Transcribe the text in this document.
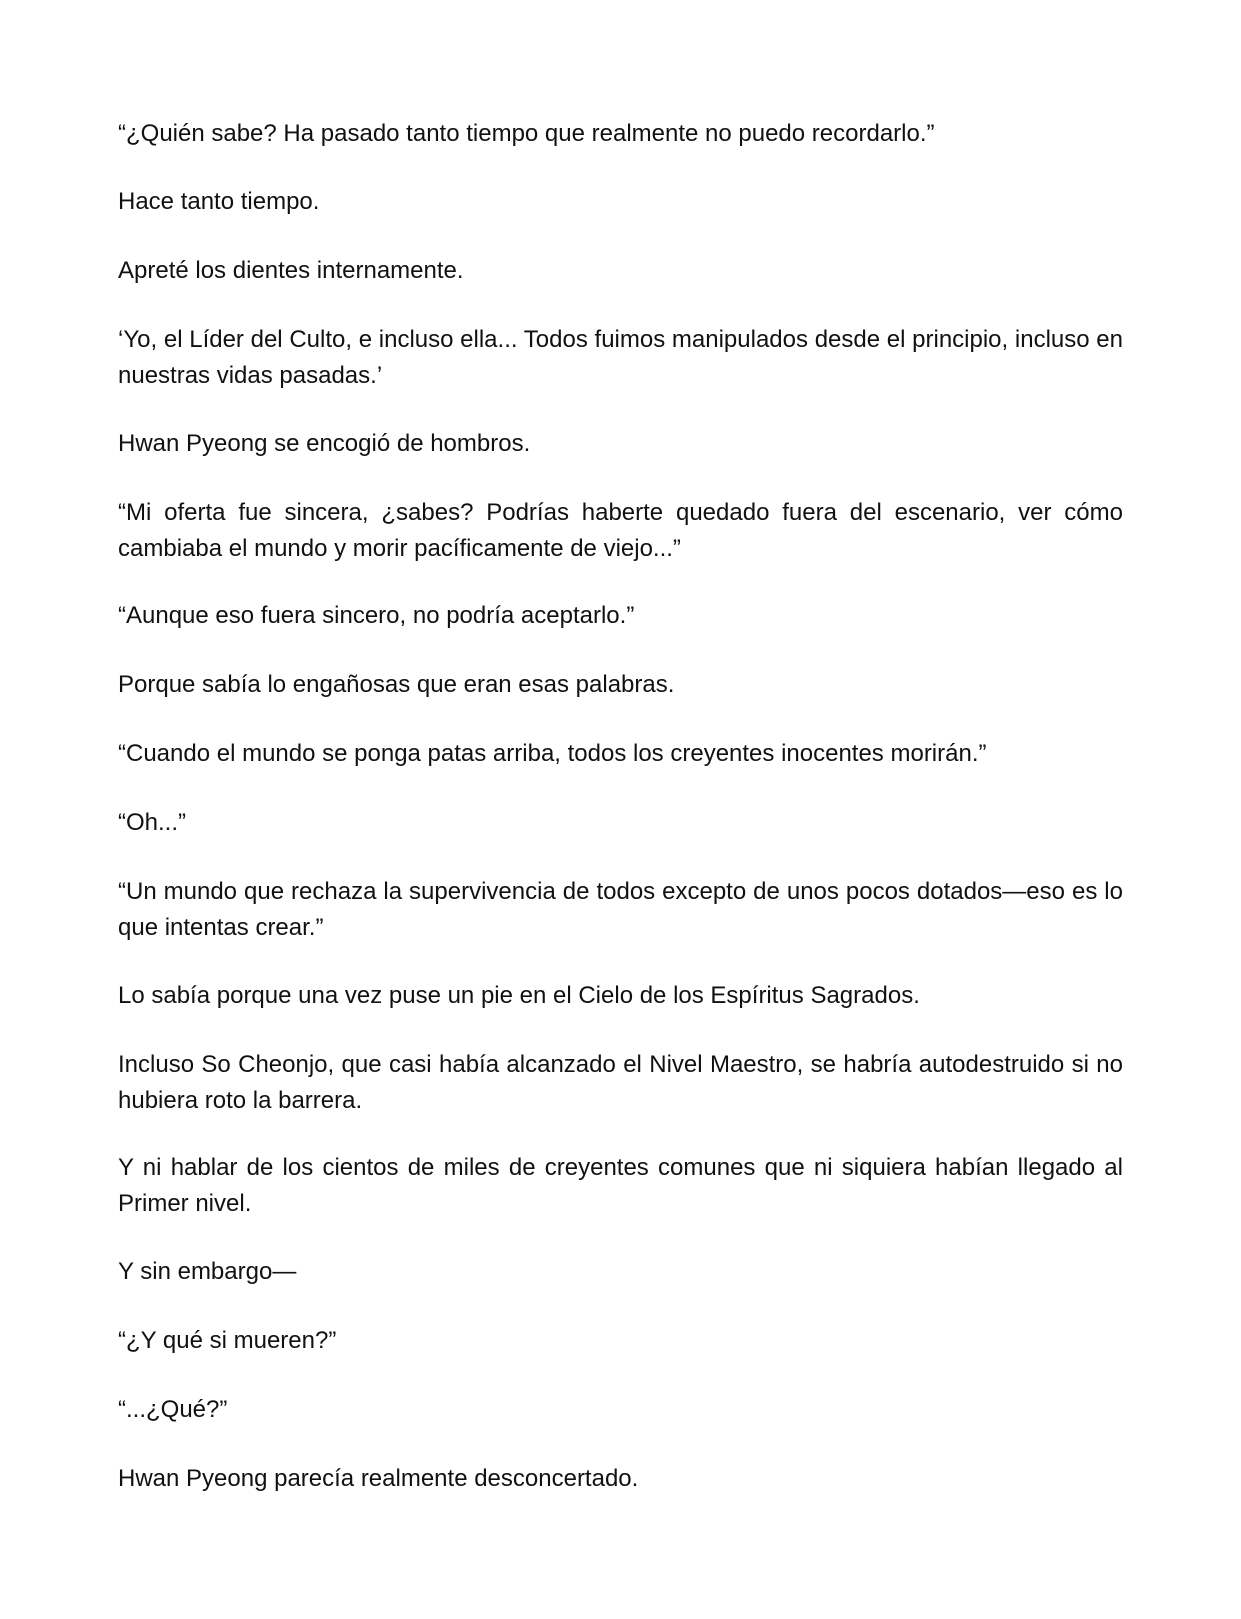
“¿Quién sabe? Ha pasado tanto tiempo que realmente no puedo recordarlo.”

Hace tanto tiempo.

Apreté los dientes internamente.

‘Yo, el Líder del Culto, e incluso ella... Todos fuimos manipulados desde el principio, incluso en nuestras vidas pasadas.’

Hwan Pyeong se encogió de hombros.

“Mi oferta fue sincera, ¿sabes? Podrías haberte quedado fuera del escenario, ver cómo cambiaba el mundo y morir pacíficamente de viejo...”

“Aunque eso fuera sincero, no podría aceptarlo.”

Porque sabía lo engañosas que eran esas palabras.

“Cuando el mundo se ponga patas arriba, todos los creyentes inocentes morirán.”

“Oh...”

“Un mundo que rechaza la supervivencia de todos excepto de unos pocos dotados—eso es lo que intentas crear.”

Lo sabía porque una vez puse un pie en el Cielo de los Espíritus Sagrados.

Incluso So Cheonjo, que casi había alcanzado el Nivel Maestro, se habría autodestruido si no hubiera roto la barrera.

Y ni hablar de los cientos de miles de creyentes comunes que ni siquiera habían llegado al Primer nivel.

Y sin embargo—

“¿Y qué si mueren?”

“...¿Qué?”

Hwan Pyeong parecía realmente desconcertado.
